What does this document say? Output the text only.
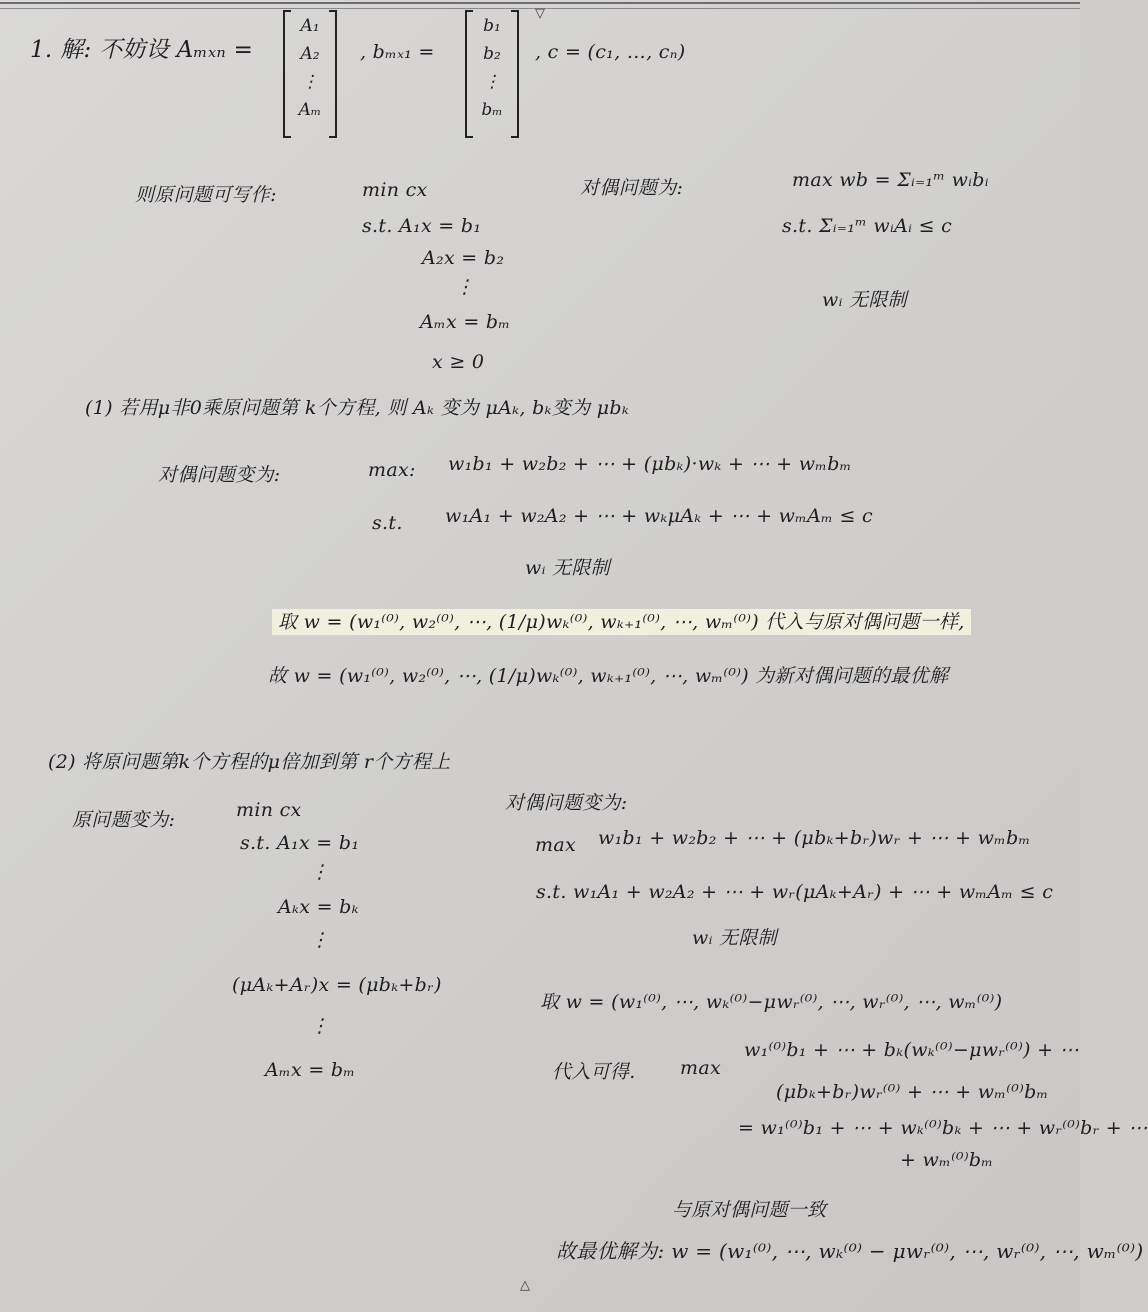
▽
1. 解: 不妨设 Aₘₓₙ =
A₁
A₂
⋮
Aₘ
, bₘₓ₁ =
b₁
b₂
⋮
bₘ
, c = (c₁, …, cₙ)
则原问题可写作:	min cx
s.t. A₁x = b₁
A₂x = b₂
⋮
Aₘx = bₘ
x ≥ 0
对偶问题为:	max wb = Σᵢ₌₁ᵐ wᵢbᵢ
s.t. Σᵢ₌₁ᵐ wᵢAᵢ ≤ c
wᵢ 无限制
(1) 若用μ非0乘原问题第 k个方程, 则 Aₖ 变为 μAₖ, bₖ变为 μbₖ
对偶问题变为:	max: w₁b₁ + w₂b₂ + ⋯ + (μbₖ)·wₖ + ⋯ + wₘbₘ
s.t. w₁A₁ + w₂A₂ + ⋯ + wₖμAₖ + ⋯ + wₘAₘ ≤ c
wᵢ 无限制
取 w = (w₁⁽⁰⁾, w₂⁽⁰⁾, ⋯, (1/μ)wₖ⁽⁰⁾, wₖ₊₁⁽⁰⁾, ⋯, wₘ⁽⁰⁾) 代入与原对偶问题一样,
故 w = (w₁⁽⁰⁾, w₂⁽⁰⁾, ⋯, (1/μ)wₖ⁽⁰⁾, wₖ₊₁⁽⁰⁾, ⋯, wₘ⁽⁰⁾) 为新对偶问题的最优解
(2) 将原问题第k个方程的μ倍加到第 r个方程上
原问题变为:	min cx
s.t. A₁x = b₁
⋮
Aₖx = bₖ
⋮
(μAₖ+Aᵣ)x = (μbₖ+bᵣ)
⋮
Aₘx = bₘ
对偶问题变为:
max w₁b₁ + w₂b₂ + ⋯ + (μbₖ+bᵣ)wᵣ + ⋯ + wₘbₘ
s.t. w₁A₁ + w₂A₂ + ⋯ + wᵣ(μAₖ+Aᵣ) + ⋯ + wₘAₘ ≤ c
wᵢ 无限制
取 w = (w₁⁽⁰⁾, ⋯, wₖ⁽⁰⁾−μwᵣ⁽⁰⁾, ⋯, wᵣ⁽⁰⁾, ⋯, wₘ⁽⁰⁾)
代入可得. max
w₁⁽⁰⁾b₁ + ⋯ + bₖ(wₖ⁽⁰⁾−μwᵣ⁽⁰⁾) + ⋯
(μbₖ+bᵣ)wᵣ⁽⁰⁾ + ⋯ + wₘ⁽⁰⁾bₘ
= w₁⁽⁰⁾b₁ + ⋯ + wₖ⁽⁰⁾bₖ + ⋯ + wᵣ⁽⁰⁾bᵣ + ⋯
+ wₘ⁽⁰⁾bₘ
与原对偶问题一致
故最优解为: w = (w₁⁽⁰⁾, ⋯, wₖ⁽⁰⁾ − μwᵣ⁽⁰⁾, ⋯, wᵣ⁽⁰⁾, ⋯, wₘ⁽⁰⁾)
△
